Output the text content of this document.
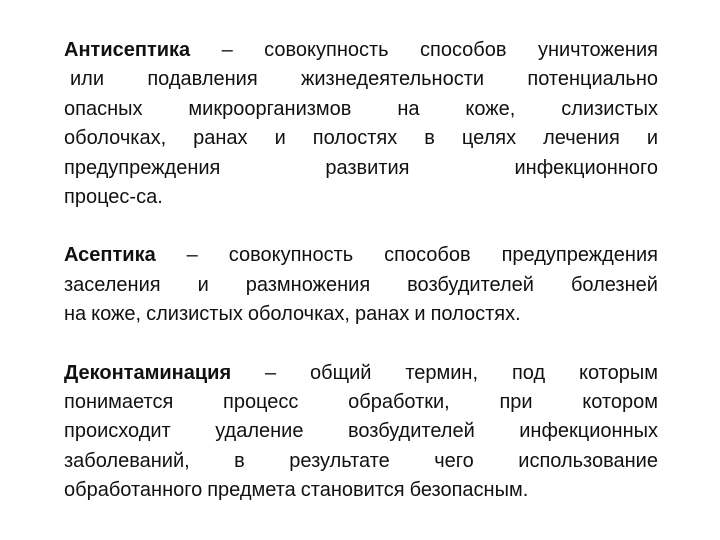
Антисептика – совокупность способов уничтожения
или подавления жизнедеятельности потенциально
опасных микроорганизмов на коже, слизистых
оболочках, ранах и полостях в целях лечения и
предупреждения	развития	инфекционного
процес-са.
Асептика – совокупность способов предупреждения
заселения и размножения возбудителей болезней
на коже, слизистых оболочках, ранах и полостях.
Деконтаминация – общий термин, под которым
понимается процесс обработки, при котором
происходит удаление возбудителей инфекционных
заболеваний, в результате чего использование
обработанного предмета становится безопасным.
